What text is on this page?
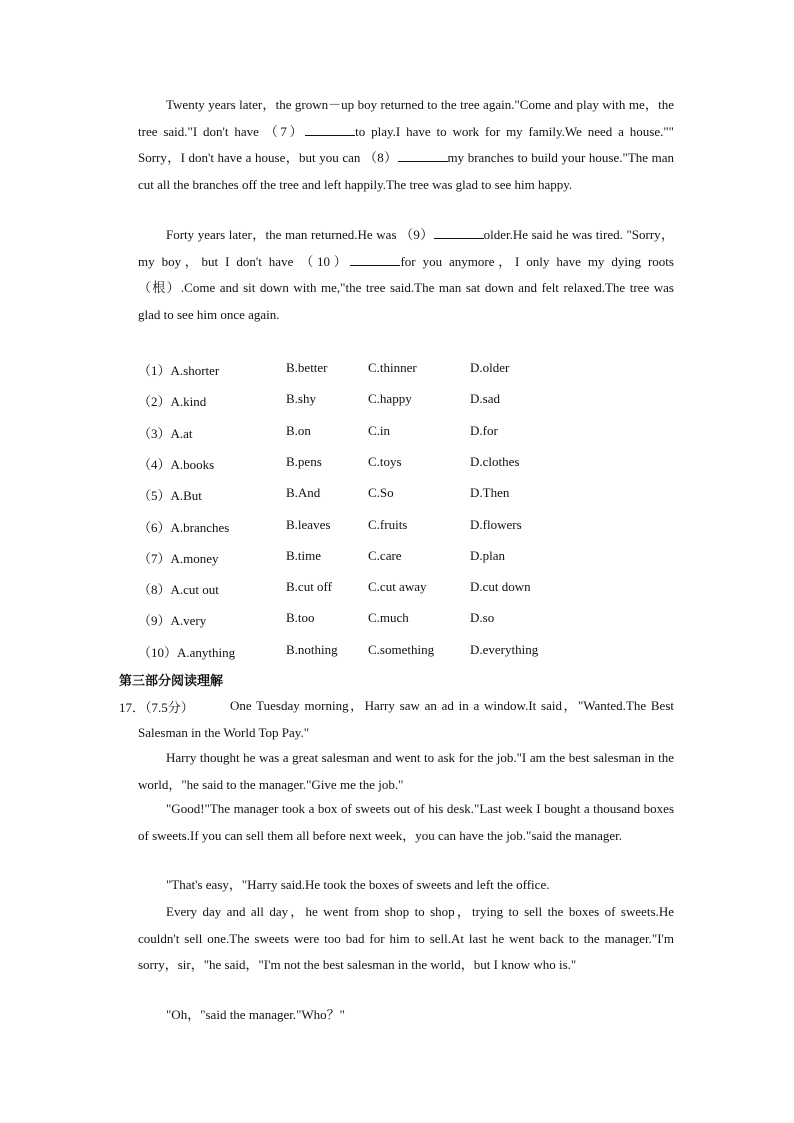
Twenty years later，the grown－up boy returned to the tree again."Come and play with me，the tree said."I don't have （7）	to play.I have to work for my family.We need a house."" Sorry，I don't have a house，but you can （8）	my branches to build your house."The man cut all the branches off the tree and left happily.The tree was glad to see him happy.

Forty years later，the man returned.He was （9）	older.He said he was tired. "Sorry，my boy，but I don't have （10）	for you anymore，I only have my dying roots（根）.Come and sit down with me,"the tree said.The man sat down and felt relaxed.The tree was glad to see him once again.

（1）A.shorter	B.better	C.thinner	D.older
（2）A.kind	B.shy	C.happy	D.sad
（3）A.at	B.on	C.in	D.for
（4）A.books	B.pens	C.toys	D.clothes
（5）A.But	B.And	C.So	D.Then
（6）A.branches	B.leaves	C.fruits	D.flowers
（7）A.money	B.time	C.care	D.plan
（8）A.cut out	B.cut off	C.cut away	D.cut down
（9）A.very	B.too	C.much	D.so
（10）A.anything	B.nothing C.something	D.everything
第三部分阅读理解
17．（7.5分）	One Tuesday morning，Harry saw an ad in a window.It said，"Wanted.The Best Salesman in the World Top Pay."

Harry thought he was a great salesman and went to ask for the job."I am the best salesman in the world，"he said to the manager."Give me the job."

"Good!"The manager took a box of sweets out of his desk."Last week I bought a thousand boxes of sweets.If you can sell them all before next week，you can have the job."said the manager.

"That's easy，"Harry said.He took the boxes of sweets and left the office.

Every day and all day，he went from shop to shop，trying to sell the boxes of sweets.He couldn't sell one.The sweets were too bad for him to sell.At last he went back to the manager."I'm sorry，sir，"he said，"I'm not the best salesman in the world，but I know who is."

"Oh，"said the manager."Who？"
